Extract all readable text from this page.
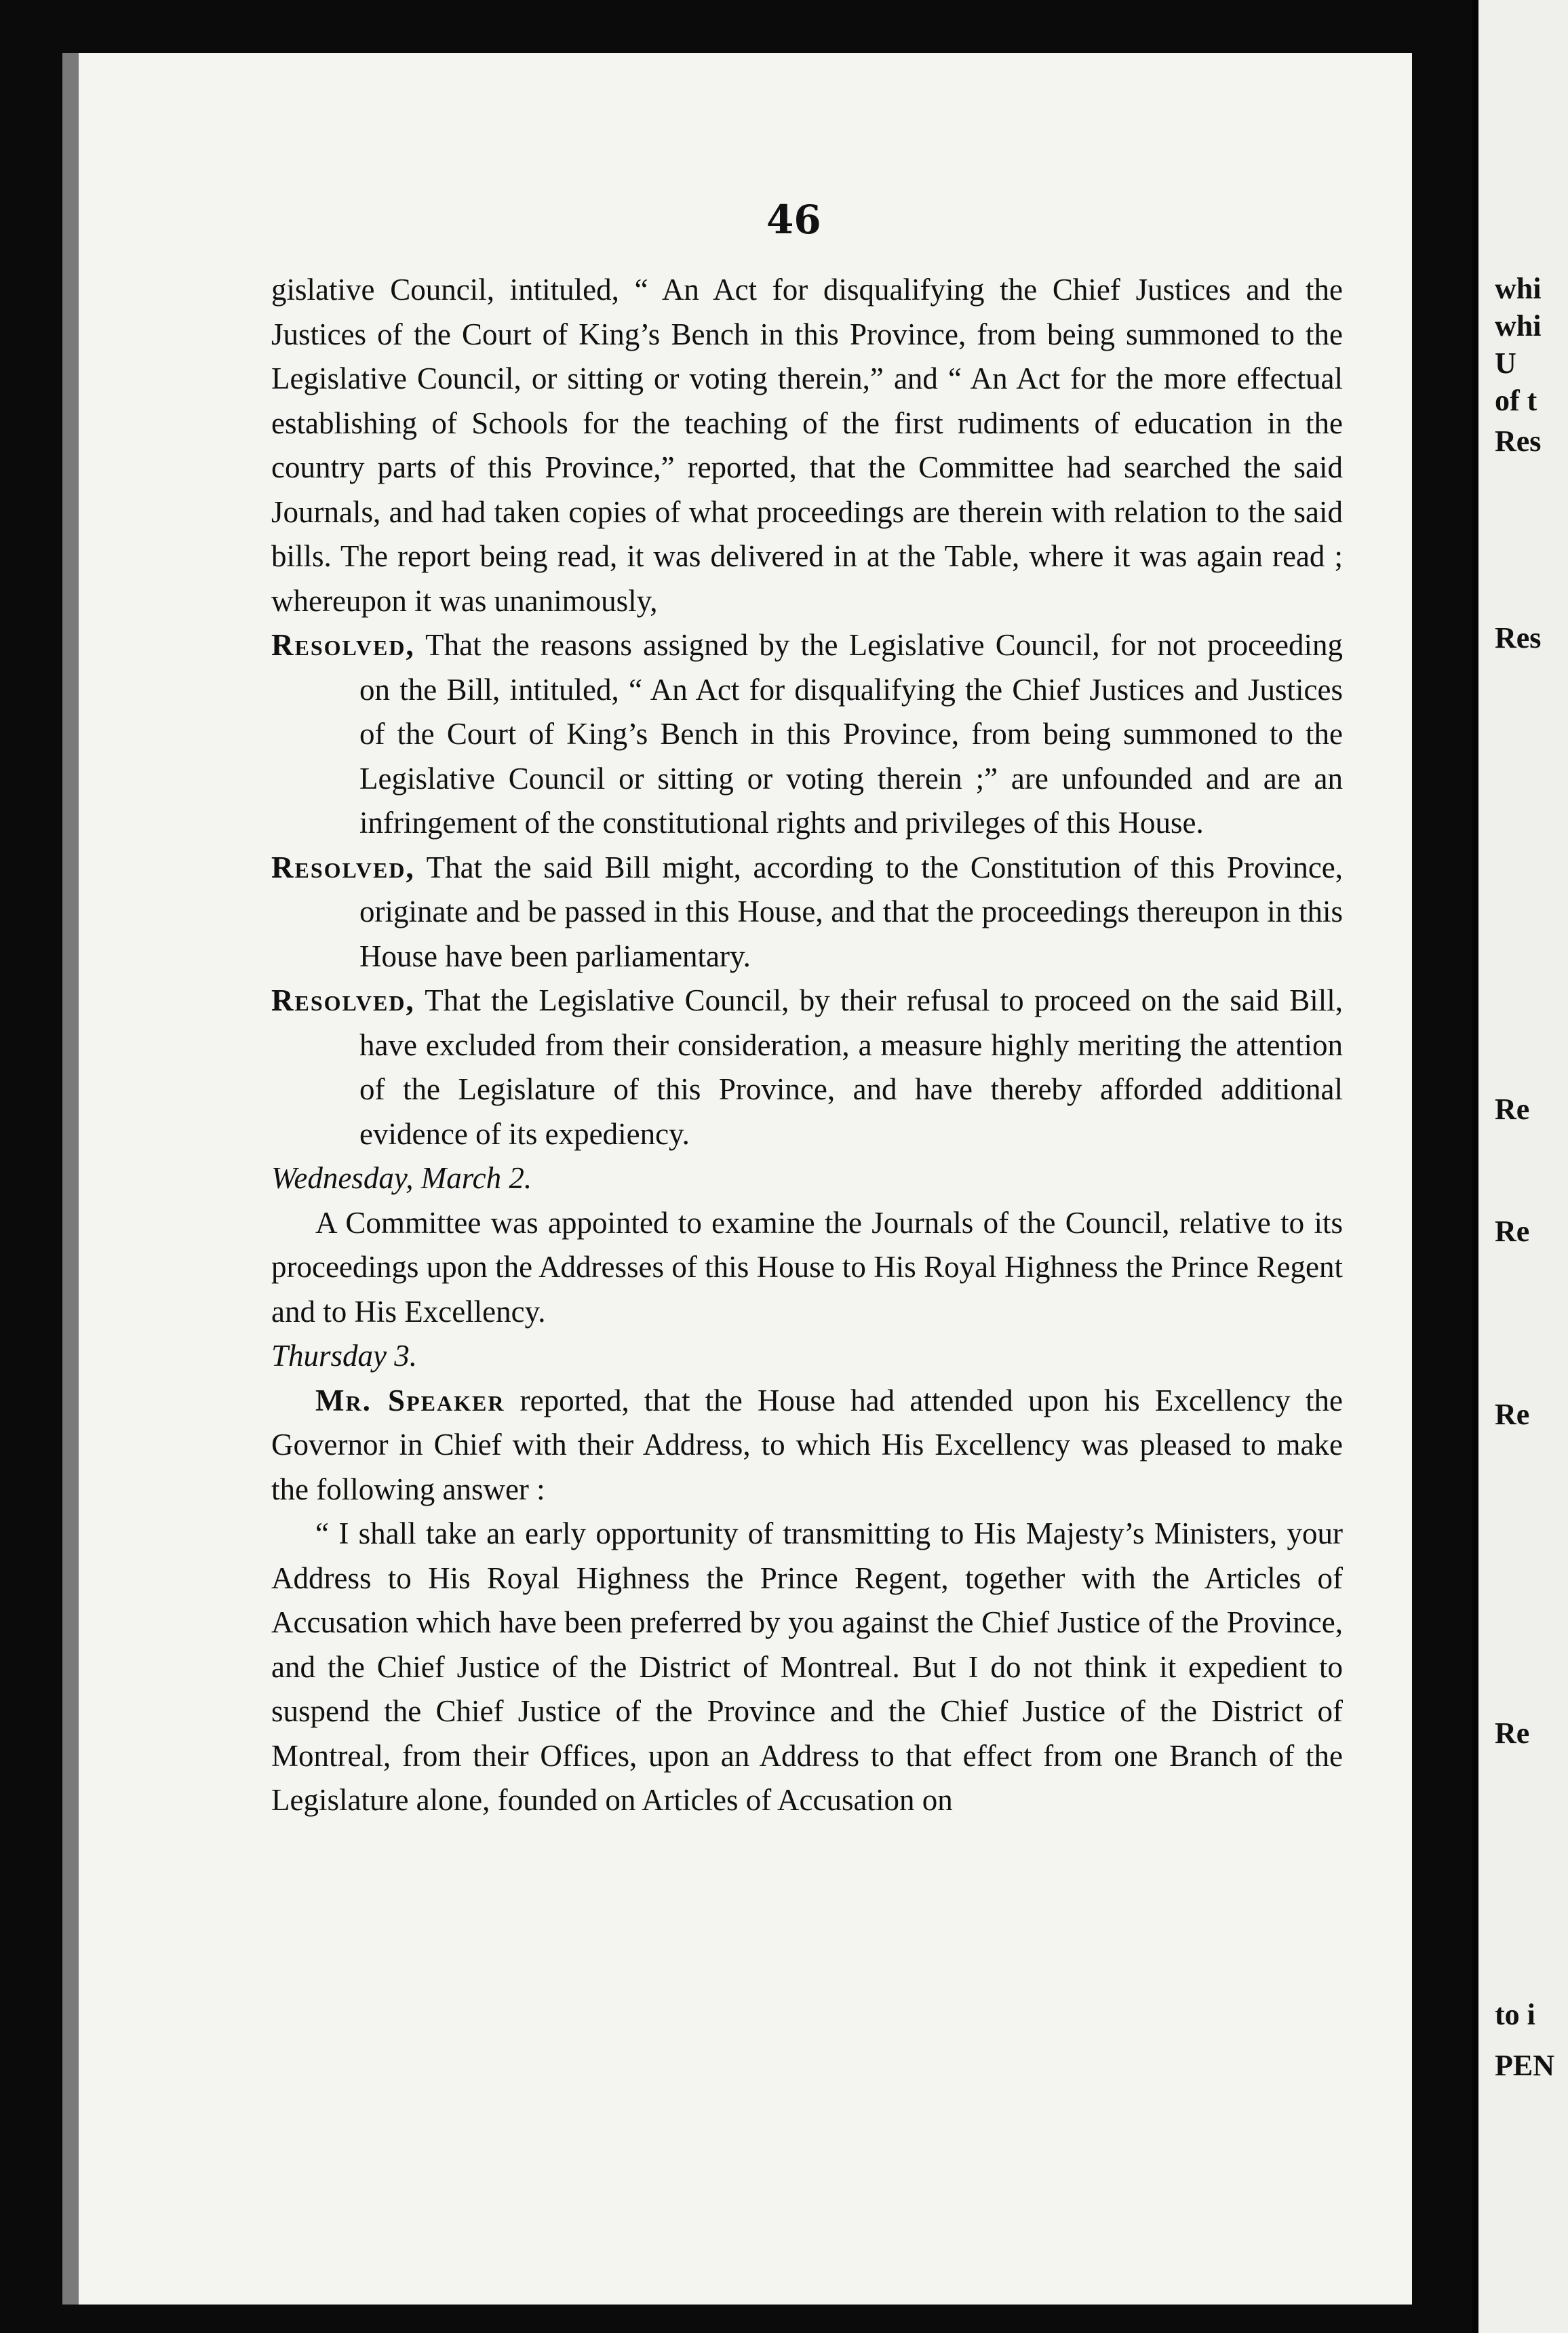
46

gislative Council, intituled, “ An Act for disqualifying the Chief Justices and the Justices of the Court of King’s Bench in this Province, from being summoned to the Legislative Council, or sitting or voting therein,” and “ An Act for the more effectual establishing of Schools for the teaching of the first rudiments of education in the country parts of this Province,” reported, that the Committee had searched the said Journals, and had taken copies of what proceedings are therein with relation to the said bills. The report being read, it was delivered in at the Table, where it was again read ; whereupon it was unanimously,

Resolved, That the reasons assigned by the Legislative Council, for not proceeding on the Bill, intituled, “ An Act for disqualifying the Chief Justices and Justices of the Court of King’s Bench in this Province, from being summoned to the Legislative Council or sitting or voting therein ;” are unfounded and are an infringement of the constitutional rights and privileges of this House.

Resolved, That the said Bill might, according to the Constitution of this Province, originate and be passed in this House, and that the proceedings thereupon in this House have been parliamentary.

Resolved, That the Legislative Council, by their refusal to proceed on the said Bill, have excluded from their consideration, a measure highly meriting the attention of the Legislature of this Province, and have thereby afforded additional evidence of its expediency.

Wednesday, March 2.

A Committee was appointed to examine the Journals of the Council, relative to its proceedings upon the Addresses of this House to His Royal Highness the Prince Regent and to His Excellency.

Thursday 3.

Mr. Speaker reported, that the House had attended upon his Excellency the Governor in Chief with their Address, to which His Excellency was pleased to make the following answer :

“ I shall take an early opportunity of transmitting to His Majesty’s Ministers, your Address to His Royal Highness the Prince Regent, together with the Articles of Accusation which have been preferred by you against the Chief Justice of the Province, and the Chief Justice of the District of Montreal. But I do not think it expedient to suspend the Chief Justice of the Province and the Chief Justice of the District of Montreal, from their Offices, upon an Address to that effect from one Branch of the Legislature alone, founded on Articles of Accusation on

whi
whi
U
of t
Res
Res
Re
Re
Re
Re
to i
PEN
